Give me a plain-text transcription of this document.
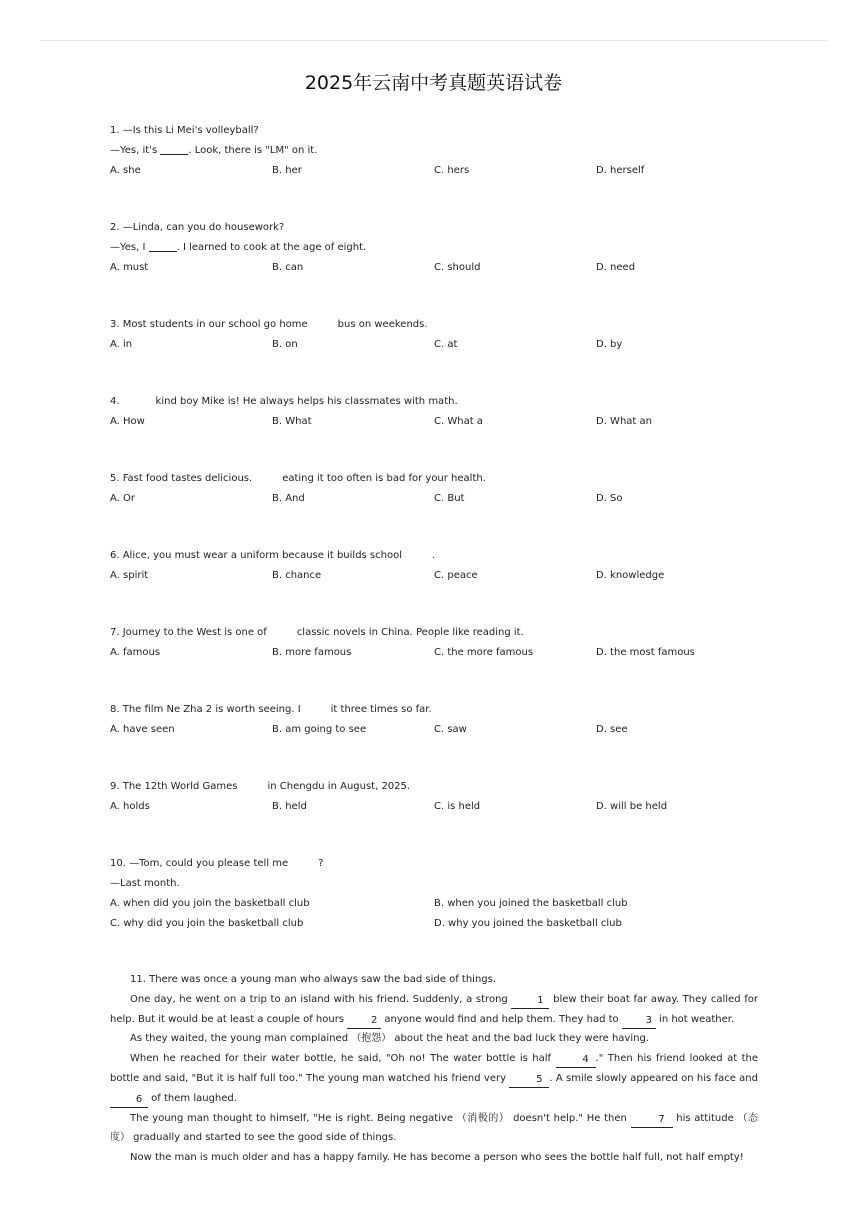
2025年云南中考真题英语试卷
1. —Is this Li Mei's volleyball?
—Yes, it's	. Look, there is "LM" on it.
A. she	B. her	C. hers	D. herself
2. —Linda, can you do housework?
—Yes, I	. I learned to cook at the age of eight.
A. must	B. can	C. should	D. need
3. Most students in our school go home	bus on weekends.
A. in	B. on	C. at	D. by
4.	kind boy Mike is! He always helps his classmates with math.
A. How	B. What	C. What a	D. What an
5. Fast food tastes delicious.	eating it too often is bad for your health.
A. Or	B. And	C. But	D. So
6. Alice, you must wear a uniform because it builds school	.
A. spirit	B. chance	C. peace	D. knowledge
7. Journey to the West is one of	classic novels in China. People like reading it.
A. famous	B. more famous	C. the more famous	D. the most famous
8. The film Ne Zha 2 is worth seeing. I	it three times so far.
A. have seen	B. am going to see	C. saw	D. see
9. The 12th World Games	in Chengdu in August, 2025.
A. holds	B. held	C. is held	D. will be held
10. —Tom, could you please tell me	?
—Last month.
A. when did you join the basketball club	B. when you joined the basketball club
C. why did you join the basketball club	D. why you joined the basketball club
11. There was once a young man who always saw the bad side of things.
One day, he went on a trip to an island with his friend. Suddenly, a strong	1 blew their boat far away. They called for help. But it would be at least a couple of hours 2 anyone would find and help them. They had to 3 in hot weather.
As they waited, the young man complained （抱怨） about the heat and the bad luck they were having.
When he reached for their water bottle, he said, "Oh no! The water bottle is half	4 ." Then his friend looked at the bottle and said, "But it is half full too." The young man watched his friend very	5 . A smile slowly appeared on his face and 6 of them laughed.
The young man thought to himself, "He is right. Being negative （消极的） doesn't help." He then	7 his attitude （态度） gradually and started to see the good side of things.
Now the man is much older and has a happy family. He has become a person who sees the bottle half full, not half empty!
